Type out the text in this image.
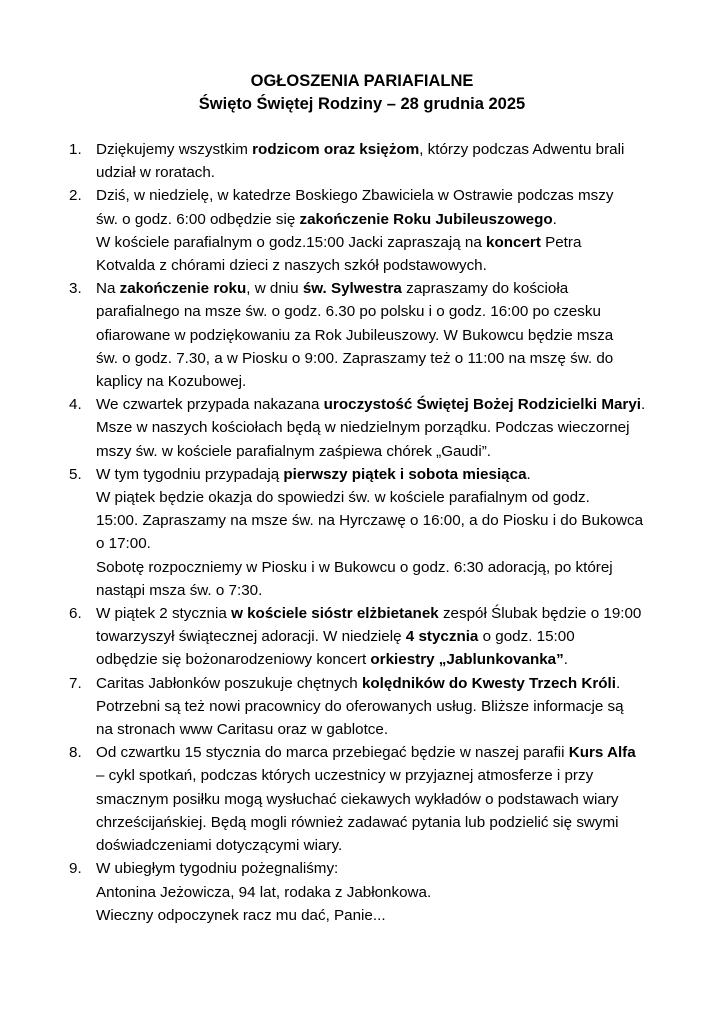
OGŁOSZENIA PARIAFIALNE
Święto Świętej Rodziny – 28 grudnia 2025
1. Dziękujemy wszystkim rodzicom oraz księżom, którzy podczas Adwentu brali
udział w roratach.
2. Dziś, w niedzielę, w katedrze Boskiego Zbawiciela w Ostrawie podczas mszy
św. o godz. 6:00 odbędzie się zakończenie Roku Jubileuszowego.
W kościele parafialnym o godz.15:00 Jacki zapraszają na koncert Petra
Kotvalda z chórami dzieci z naszych szkół podstawowych.
3. Na zakończenie roku, w dniu św. Sylwestra zapraszamy do kościoła
parafialnego na msze św. o godz. 6.30 po polsku i o godz. 16:00 po czesku
ofiarowane w podziękowaniu za Rok Jubileuszowy. W Bukowcu będzie msza
św. o godz. 7.30, a w Piosku o 9:00. Zapraszamy też o 11:00 na mszę św. do
kaplicy na Kozubowej.
4. We czwartek przypada nakazana uroczystość Świętej Bożej Rodzicielki Maryi.
Msze w naszych kościołach będą w niedzielnym porządku. Podczas wieczornej
mszy św. w kościele parafialnym zaśpiewa chórek „Gaudi”.
5. W tym tygodniu przypadają pierwszy piątek i sobota miesiąca.
W piątek będzie okazja do spowiedzi św. w kościele parafialnym od godz.
15:00. Zapraszamy na msze św. na Hyrczawę o 16:00, a do Piosku i do Bukowca
o 17:00.
Sobotę rozpoczniemy w Piosku i w Bukowcu o godz. 6:30 adoracją, po której
nastąpi msza św. o 7:30.
6. W piątek 2 stycznia w kościele sióstr elżbietanek zespół Ślubak będzie o 19:00
towarzyszył świątecznej adoracji. W niedzielę 4 stycznia o godz. 15:00
odbędzie się bożonarodzeniowy koncert orkiestry „Jablunkovanka”.
7. Caritas Jabłonków poszukuje chętnych kolędników do Kwesty Trzech Króli.
Potrzebni są też nowi pracownicy do oferowanych usług. Bliższe informacje są
na stronach www Caritasu oraz w gablotce.
8. Od czwartku 15 stycznia do marca przebiegać będzie w naszej parafii Kurs Alfa
– cykl spotkań, podczas których uczestnicy w przyjaznej atmosferze i przy
smacznym posiłku mogą wysłuchać ciekawych wykładów o podstawach wiary
chrześcijańskiej. Będą mogli również zadawać pytania lub podzielić się swymi
doświadczeniami dotyczącymi wiary.
9. W ubiegłym tygodniu pożegnaliśmy:
Antonina Jeżowicza, 94 lat, rodaka z Jabłonkowa.
Wieczny odpoczynek racz mu dać, Panie...
